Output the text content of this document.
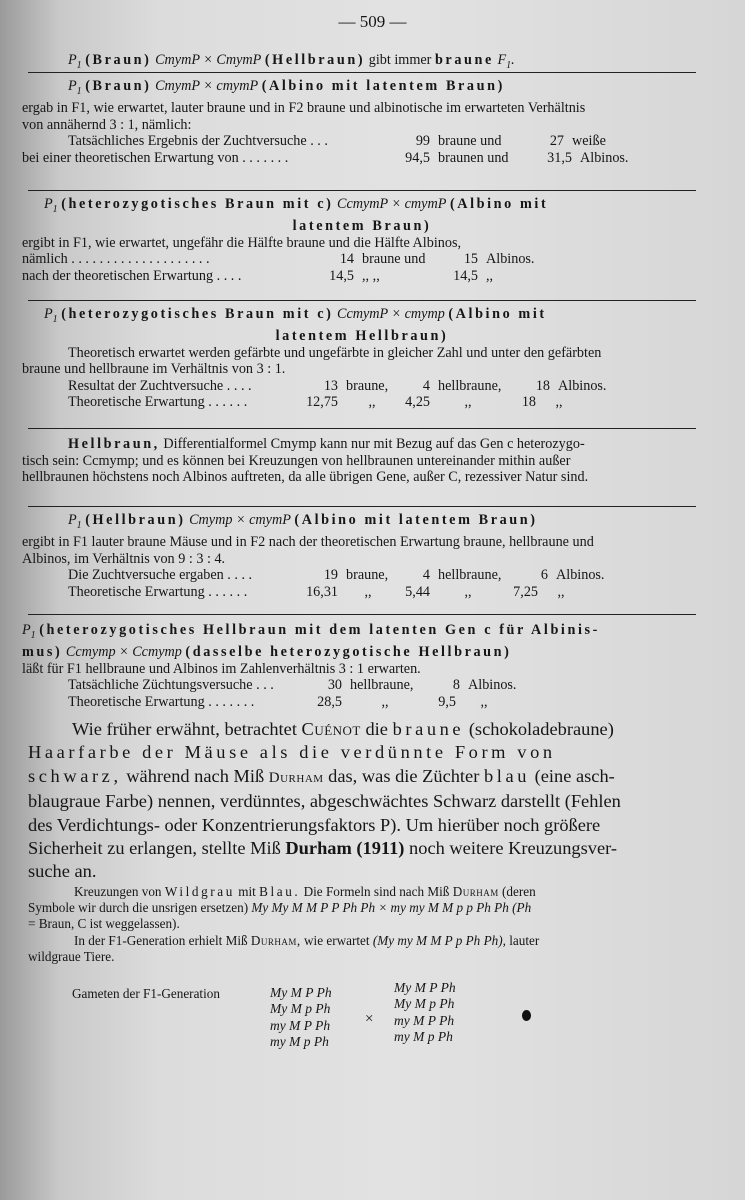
— 509 —
$P_1$ (Braun) CmymP × CmymP (Hellbraun) gibt immer braune $F_1$.
$P_1$ (Braun) CmymP × cmymP (Albino mit latentem Braun)
ergab in F1, wie erwartet, lauter braune und in F2 braune und albinotische im erwarteten Verhältnis
von annähernd 3 : 1, nämlich:
Tatsächliches Ergebnis der Zuchtversuche . . .	99 braune und	27 weiße
bei einer theoretischen Erwartung von . . . . . . .	94,5 braunen und	31,5 Albinos.
$P_1$ (heterozygotisches Braun mit c) CcmymP × cmymP (Albino mit
latentem Braun)
ergibt in F1, wie erwartet, ungefähr die Hälfte braune und die Hälfte Albinos,
nämlich . . . . . . . . . . . . . . . . . . . .	14 braune und	15 Albinos.
nach der theoretischen Erwartung . . . .	14,5 ,, ,,	14,5 ,,
$P_1$ (heterozygotisches Braun mit c) CcmymP × cmymp (Albino mit
latentem Hellbraun)
Theoretisch erwartet werden gefärbte und ungefärbte in gleicher Zahl und unter den gefärbten
braune und hellbraune im Verhältnis von 3 : 1.
Resultat der Zuchtversuche . . . .	13 braune,	4 hellbraune,	18 Albinos.
Theoretische Erwartung . . . . . .	12,75	,,	4,25	,,	18	,,
Hellbraun, Differentialformel Cmymp kann nur mit Bezug auf das Gen c heterozygo-
tisch sein: Ccmymp; und es können bei Kreuzungen von hellbraunen untereinander mithin außer
hellbraunen höchstens noch Albinos auftreten, da alle übrigen Gene, außer C, rezessiver Natur sind.
$P_1$ (Hellbraun) Cmymp × cmymP (Albino mit latentem Braun)
ergibt in F1 lauter braune Mäuse und in F2 nach der theoretischen Erwartung braune, hellbraune und
Albinos, im Verhältnis von 9 : 3 : 4.
Die Zuchtversuche ergaben . . . .	19 braune,	4 hellbraune,	6 Albinos.
Theoretische Erwartung . . . . . .	16,31	,,	5,44	,,	7,25	,,
$P_1$ (heterozygotisches Hellbraun mit dem latenten Gen c für Albinis-
mus) Ccmymp × Ccmymp (dasselbe heterozygotische Hellbraun)
läßt für F1 hellbraune und Albinos im Zahlenverhältnis 3 : 1 erwarten.
Tatsächliche Züchtungsversuche . . .	30 hellbraune,	8 Albinos.
Theoretische Erwartung . . . . . . .	28,5	,,	9,5	,,
Wie früher erwähnt, betrachtet Cuénot die braune (schokoladebraune)
Haarfarbe der Mäuse als die verdünnte Form von
schwarz, während nach Miß Durham das, was die Züchter blau (eine asch-
blaugraue Farbe) nennen, verdünntes, abgeschwächtes Schwarz darstellt (Fehlen
des Verdichtungs- oder Konzentrierungsfaktors P). Um hierüber noch größere
Sicherheit zu erlangen, stellte Miß Durham (1911) noch weitere Kreuzungsver-
suche an.
Kreuzungen von Wildgrau mit Blau. Die Formeln sind nach Miß Durham (deren
Symbole wir durch die unsrigen ersetzen) My My M M P P Ph Ph × my my M M p p Ph Ph (Ph
= Braun, C ist weggelassen).
In der F1-Generation erhielt Miß Durham, wie erwartet (My my M M P p Ph Ph), lauter
wildgraue Tiere.
Gameten der F1-Generation	My M P Ph
My M p Ph
my M P Ph
my M p Ph
×
My M P Ph
My M p Ph
my M P Ph
my M p Ph
